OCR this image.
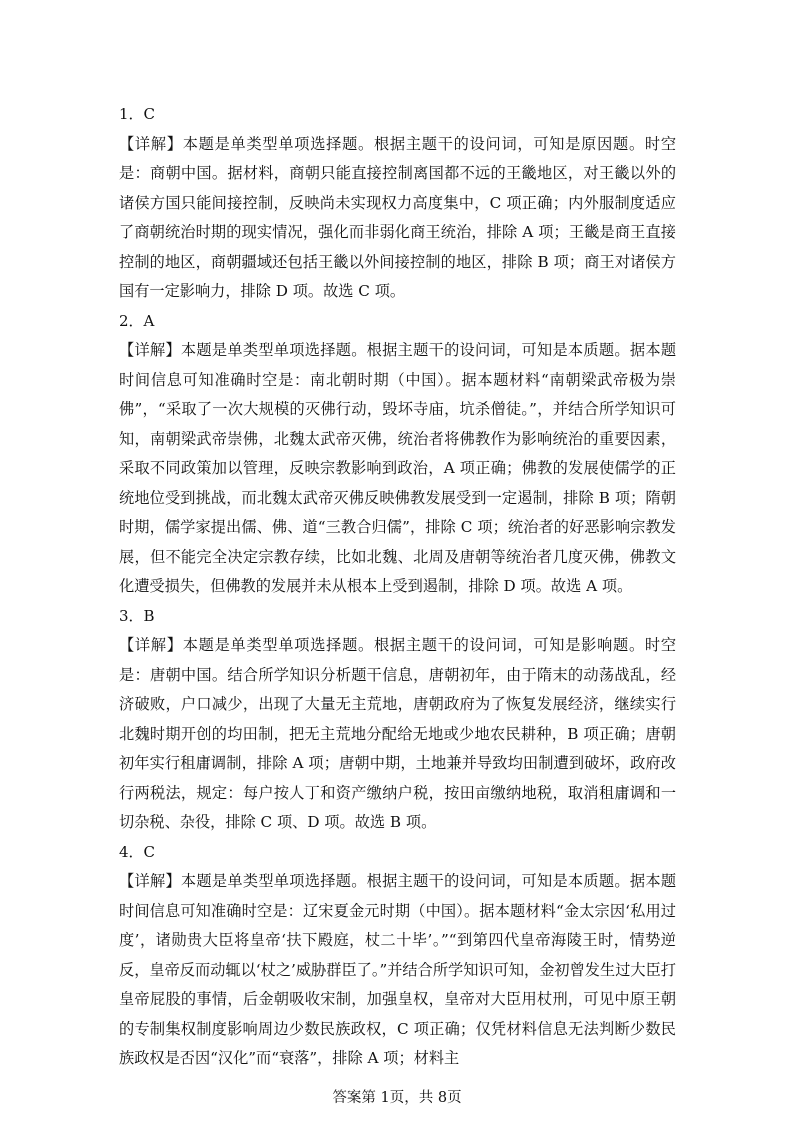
1．C

【详解】本题是单类型单项选择题。根据主题干的设问词，可知是原因题。时空是：商朝中国。据材料，商朝只能直接控制离国都不远的王畿地区，对王畿以外的诸侯方国只能间接控制，反映尚未实现权力高度集中，C 项正确；内外服制度适应了商朝统治时期的现实情况，强化而非弱化商王统治，排除 A 项；王畿是商王直接控制的地区，商朝疆域还包括王畿以外间接控制的地区，排除 B 项；商王对诸侯方国有一定影响力，排除 D 项。故选 C 项。

2．A

【详解】本题是单类型单项选择题。根据主题干的设问词，可知是本质题。据本题时间信息可知准确时空是：南北朝时期（中国）。据本题材料“南朝梁武帝极为崇佛”，“采取了一次大规模的灭佛行动，毁坏寺庙，坑杀僧徒。”，并结合所学知识可知，南朝梁武帝崇佛，北魏太武帝灭佛，统治者将佛教作为影响统治的重要因素，采取不同政策加以管理，反映宗教影响到政治，A 项正确；佛教的发展使儒学的正统地位受到挑战，而北魏太武帝灭佛反映佛教发展受到一定遏制，排除 B 项；隋朝时期，儒学家提出儒、佛、道“三教合归儒”，排除 C 项；统治者的好恶影响宗教发展，但不能完全决定宗教存续，比如北魏、北周及唐朝等统治者几度灭佛，佛教文化遭受损失，但佛教的发展并未从根本上受到遏制，排除 D 项。故选 A 项。

3．B

【详解】本题是单类型单项选择题。根据主题干的设问词，可知是影响题。时空是：唐朝中国。结合所学知识分析题干信息，唐朝初年，由于隋末的动荡战乱，经济破败，户口减少，出现了大量无主荒地，唐朝政府为了恢复发展经济，继续实行北魏时期开创的均田制，把无主荒地分配给无地或少地农民耕种，B 项正确；唐朝初年实行租庸调制，排除 A 项；唐朝中期，土地兼并导致均田制遭到破坏，政府改行两税法，规定：每户按人丁和资产缴纳户税，按田亩缴纳地税，取消租庸调和一切杂税、杂役，排除 C 项、D 项。故选 B 项。

4．C

【详解】本题是单类型单项选择题。根据主题干的设问词，可知是本质题。据本题时间信息可知准确时空是：辽宋夏金元时期（中国）。据本题材料“金太宗因‘私用过度’，诸勋贵大臣将皇帝‘扶下殿庭，杖二十毕’。”“到第四代皇帝海陵王时，情势逆反，皇帝反而动辄以‘杖之’威胁群臣了。”并结合所学知识可知，金初曾发生过大臣打皇帝屁股的事情，后金朝吸收宋制，加强皇权，皇帝对大臣用杖刑，可见中原王朝的专制集权制度影响周边少数民族政权，C 项正确；仅凭材料信息无法判断少数民族政权是否因“汉化”而“衰落”，排除 A 项；材料主

答案第 1页，共 8页
